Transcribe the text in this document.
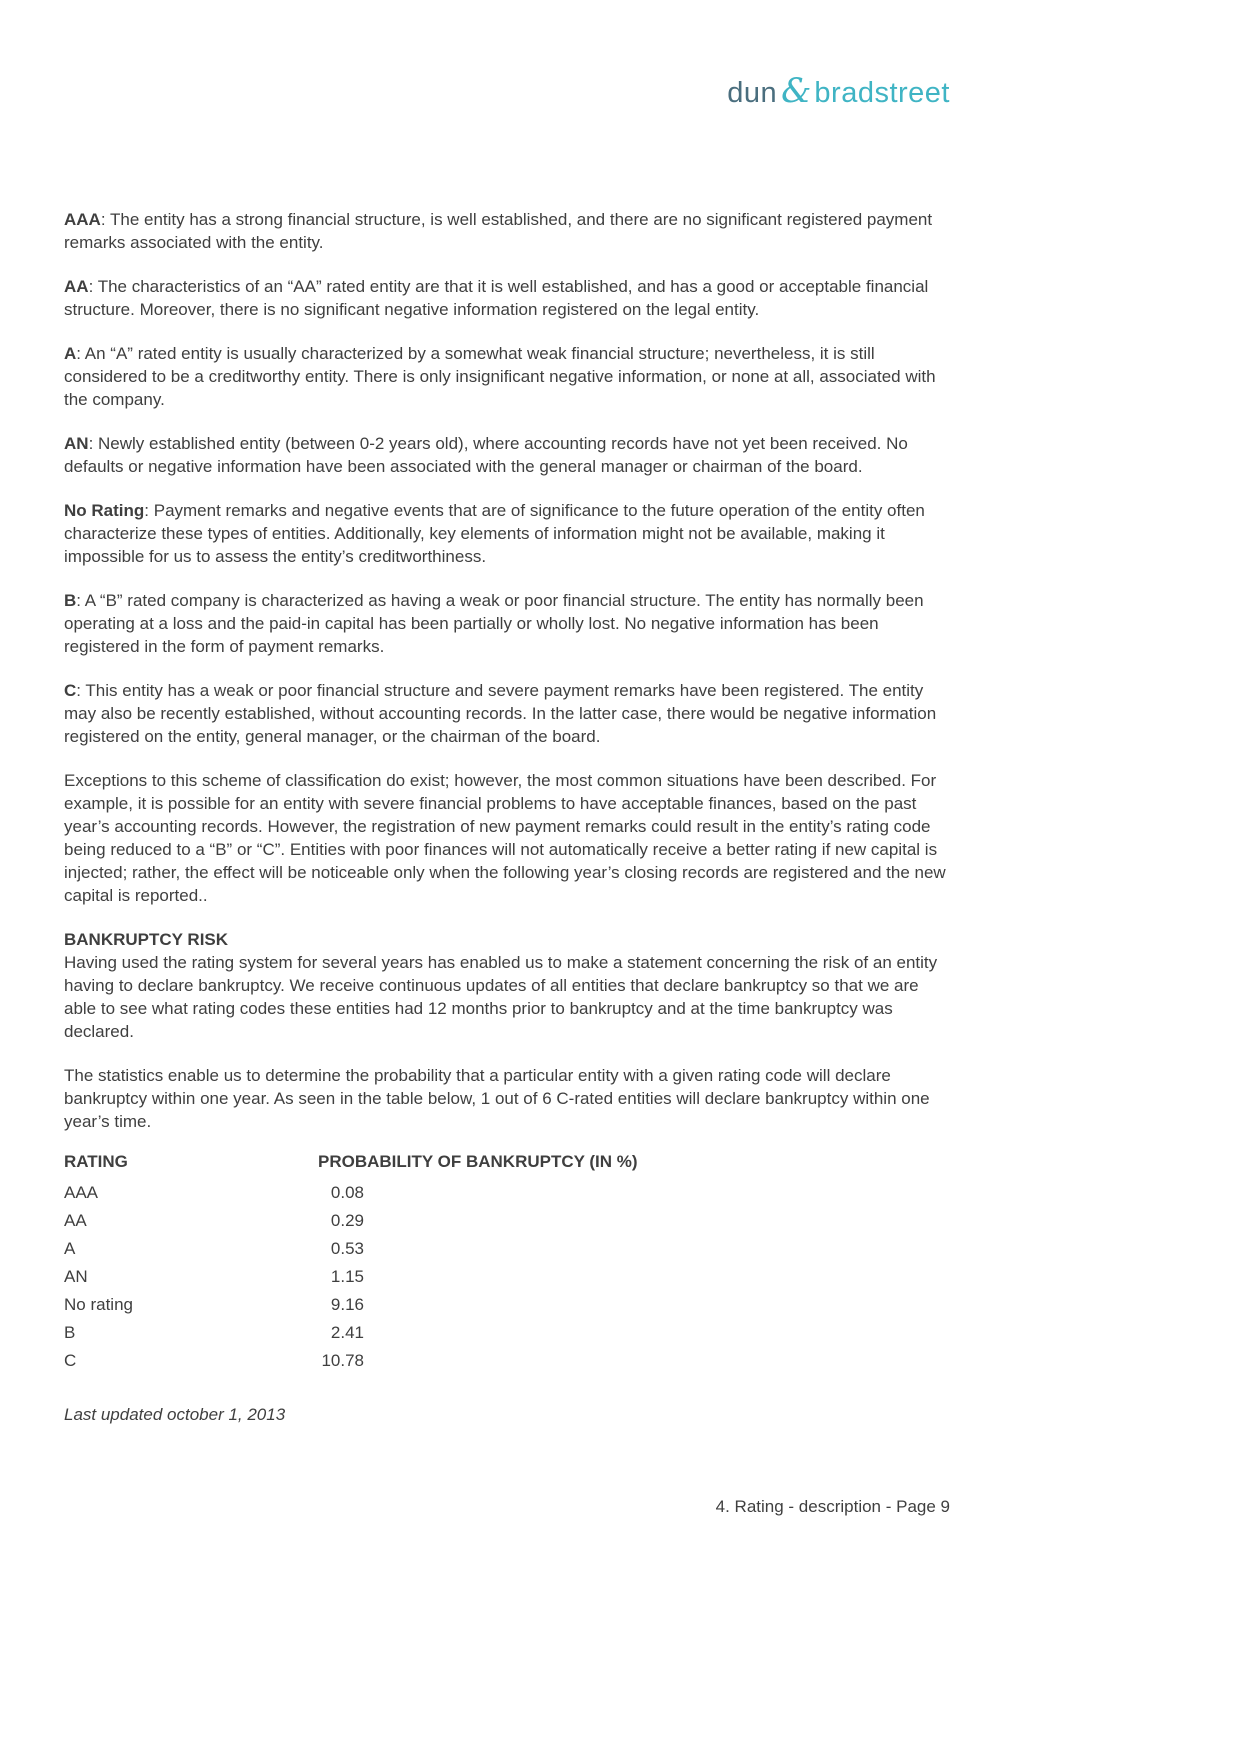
dun & bradstreet

AAA: The entity has a strong financial structure, is well established, and there are no significant registered payment remarks associated with the entity.

AA: The characteristics of an “AA” rated entity are that it is well established, and has a good or acceptable financial structure. Moreover, there is no significant negative information registered on the legal entity.

A: An “A” rated entity is usually characterized by a somewhat weak financial structure; nevertheless, it is still considered to be a creditworthy entity. There is only insignificant negative information, or none at all, associated with the company.

AN: Newly established entity (between 0-2 years old), where accounting records have not yet been received. No defaults or negative information have been associated with the general manager or chairman of the board.

No Rating: Payment remarks and negative events that are of significance to the future operation of the entity often characterize these types of entities. Additionally, key elements of information might not be available, making it impossible for us to assess the entity’s creditworthiness.

B: A “B” rated company is characterized as having a weak or poor financial structure. The entity has normally been operating at a loss and the paid-in capital has been partially or wholly lost. No negative information has been registered in the form of payment remarks.

C: This entity has a weak or poor financial structure and severe payment remarks have been registered. The entity may also be recently established, without accounting records. In the latter case, there would be negative information registered on the entity, general manager, or the chairman of the board.

Exceptions to this scheme of classification do exist; however, the most common situations have been described. For example, it is possible for an entity with severe financial problems to have acceptable finances, based on the past year’s accounting records. However, the registration of new payment remarks could result in the entity’s rating code being reduced to a “B” or “C”. Entities with poor finances will not automatically receive a better rating if new capital is injected; rather, the effect will be noticeable only when the following year’s closing records are registered and the new capital is reported..

BANKRUPTCY RISK

Having used the rating system for several years has enabled us to make a statement concerning the risk of an entity having to declare bankruptcy. We receive continuous updates of all entities that declare bankruptcy so that we are able to see what rating codes these entities had 12 months prior to bankruptcy and at the time bankruptcy was declared.

The statistics enable us to determine the probability that a particular entity with a given rating code will declare bankruptcy within one year. As seen in the table below, 1 out of 6 C-rated entities will declare bankruptcy within one year’s time.

RATING	PROBABILITY OF BANKRUPTCY (IN %)
AAA	0.08
AA	0.29
A	0.53
AN	1.15
No rating	9.16
B	2.41
C	10.78

Last updated october 1, 2013

4. Rating - description - Page 9
